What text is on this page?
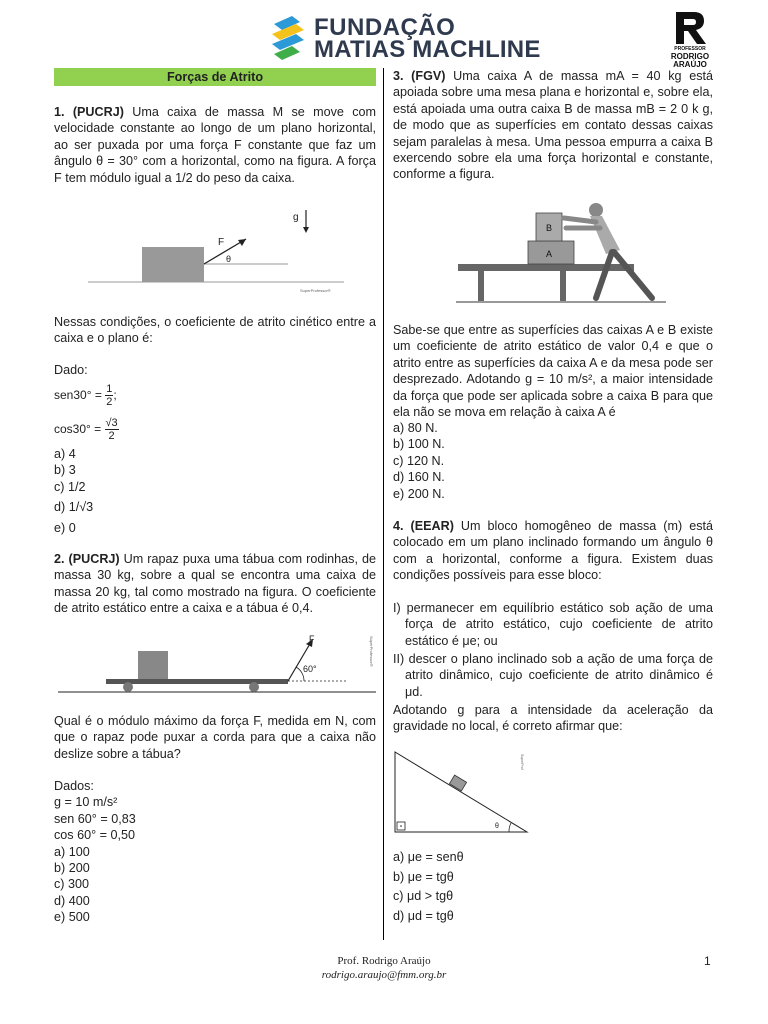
FUNDAÇÃO
MATIAS MACHLINE	PROFESSOR
RODRIGO
ARAÚJO
Forças de Atrito

1. (PUCRJ) Uma caixa de massa M se move com velocidade constante ao longo de um plano horizontal, ao ser puxada por uma força F constante que faz um ângulo θ = 30° com a horizontal, como na figura. A força F tem módulo igual a 1/2 do peso da caixa.

F
θ
g
SuperProfessor®

Nessas condições, o coeficiente de atrito cinético entre a caixa e o plano é:

Dado:

$sen30^\circ = \frac{1}{2}$ ;
$\cos 30^\circ = \frac{√3}{2}$

a) 4

b) 3

c) 1/2

d) 1/√3

e) 0

2. (PUCRJ) Um rapaz puxa uma tábua com rodinhas, de massa 30 kg, sobre a qual se encontra uma caixa de massa 20 kg, tal como mostrado na figura. O coeficiente de atrito estático entre a caixa e a tábua é 0,4.

F
60°
SuperProfessor®

Qual é o módulo máximo da força F, medida em N, com que o rapaz pode puxar a corda para que a caixa não deslize sobre a tábua?

Dados:

g = 10 m/s²

sen 60° = 0,83

cos 60° = 0,50

a) 100

b) 200

c) 300

d) 400

e) 500

3. (FGV) Uma caixa A de massa mA = 40 kg está apoiada sobre uma mesa plana e horizontal e, sobre ela, está apoiada uma outra caixa B de massa mB = 2 0 k g, de modo que as superfícies em contato dessas caixas sejam paralelas à mesa. Uma pessoa empurra a caixa B exercendo sobre ela uma força horizontal e constante, conforme a figura.

A
B

Sabe-se que entre as superfícies das caixas A e B existe um coeficiente de atrito estático de valor 0,4 e que o atrito entre as superfícies da caixa A e da mesa pode ser desprezado. Adotando g = 10 m/s², a maior intensidade da força que pode ser aplicada sobre a caixa B para que ela não se mova em relação à caixa A é

a) 80 N.

b) 100 N.

c) 120 N.

d) 160 N.

e) 200 N.

4. (EEAR) Um bloco homogêneo de massa (m) está colocado em um plano inclinado formando um ângulo θ com a horizontal, conforme a figura. Existem duas condições possíveis para esse bloco:

I) permanecer em equilíbrio estático sob ação de uma força de atrito estático, cujo coeficiente de atrito estático é μe; ou

II) descer o plano inclinado sob a ação de uma força de atrito dinâmico, cujo coeficiente de atrito dinâmico é μd.

Adotando g para a intensidade da aceleração da gravidade no local, é correto afirmar que:

θ
SuperProf

a) μe = senθ

b) μe = tgθ

c) μd > tgθ

d) μd = tgθ

Prof. Rodrigo Araújo
rodrigo.araujo@fmm.org.br
1
